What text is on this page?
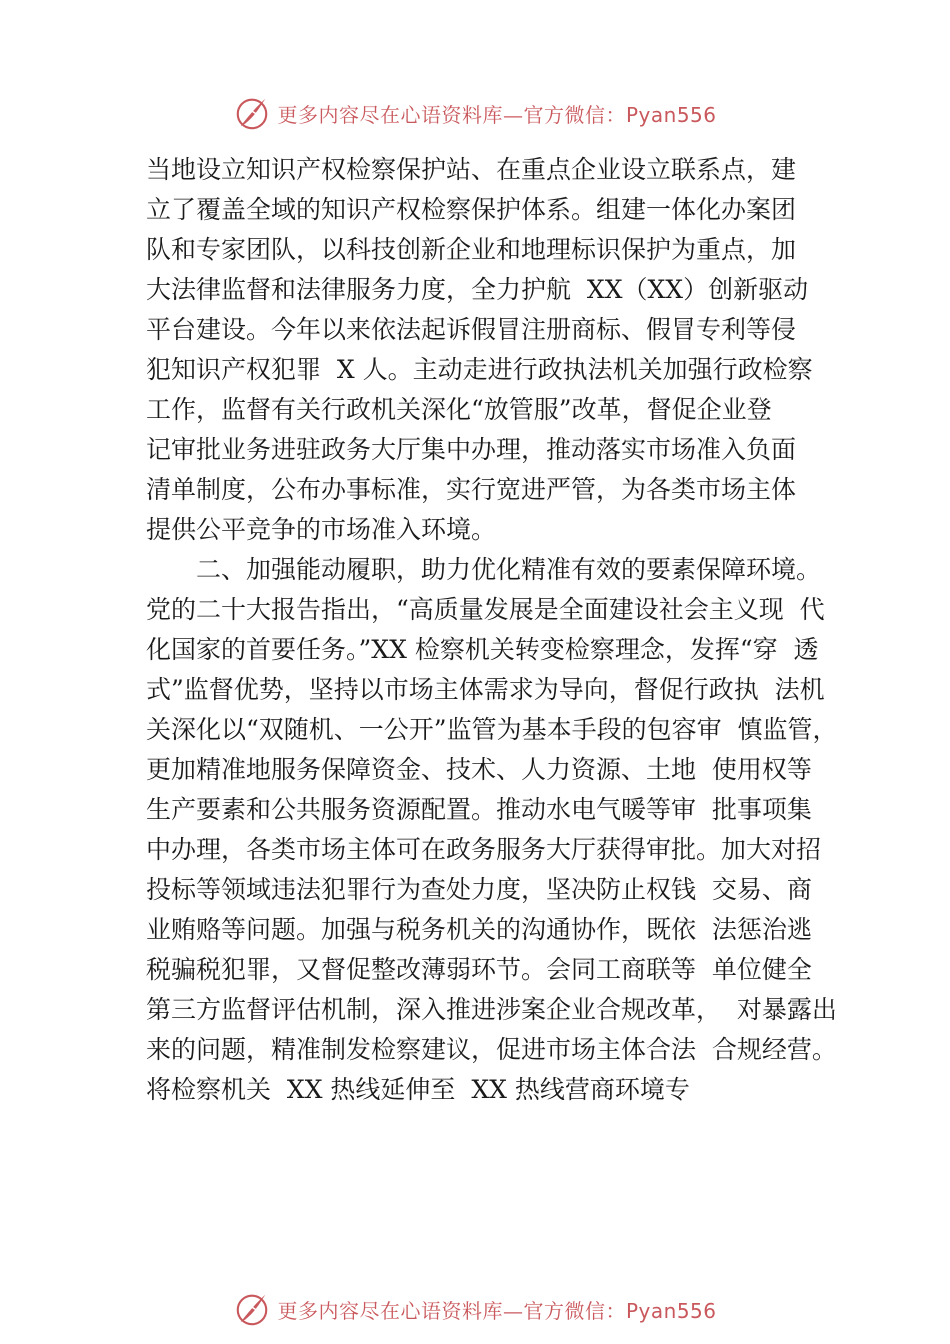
更多内容尽在心语资料库—官方微信：Pyan556
当地设立知识产权检察保护站、在重点企业设立联系点，建
立了覆盖全域的知识产权检察保护体系。组建一体化办案团
队和专家团队，以科技创新企业和地理标识保护为重点，加
大法律监督和法律服务力度，全力护航  XX（XX）创新驱动
平台建设。今年以来依法起诉假冒注册商标、假冒专利等侵
犯知识产权犯罪  X 人。主动走进行政执法机关加强行政检察
工作，监督有关行政机关深化“放管服”改革，督促企业登
记审批业务进驻政务大厅集中办理，推动落实市场准入负面
清单制度，公布办事标准，实行宽进严管，为各类市场主体
提供公平竞争的市场准入环境。
二、加强能动履职，助力优化精准有效的要素保障环境。
党的二十大报告指出，“高质量发展是全面建设社会主义现  代
化国家的首要任务。”XX 检察机关转变检察理念，发挥“穿  透
式”监督优势，坚持以市场主体需求为导向，督促行政执  法机
关深化以“双随机、一公开”监管为基本手段的包容审  慎监管，
更加精准地服务保障资金、技术、人力资源、土地  使用权等
生产要素和公共服务资源配置。推动水电气暖等审  批事项集
中办理，各类市场主体可在政务服务大厅获得审批。加大对招
投标等领域违法犯罪行为查处力度，坚决防止权钱  交易、商
业贿赂等问题。加强与税务机关的沟通协作，既依  法惩治逃
税骗税犯罪，又督促整改薄弱环节。会同工商联等  单位健全
第三方监督评估机制，深入推进涉案企业合规改革，  对暴露出
来的问题，精准制发检察建议，促进市场主体合法  合规经营。
将检察机关  XX 热线延伸至  XX 热线营商环境专
更多内容尽在心语资料库—官方微信：Pyan556
